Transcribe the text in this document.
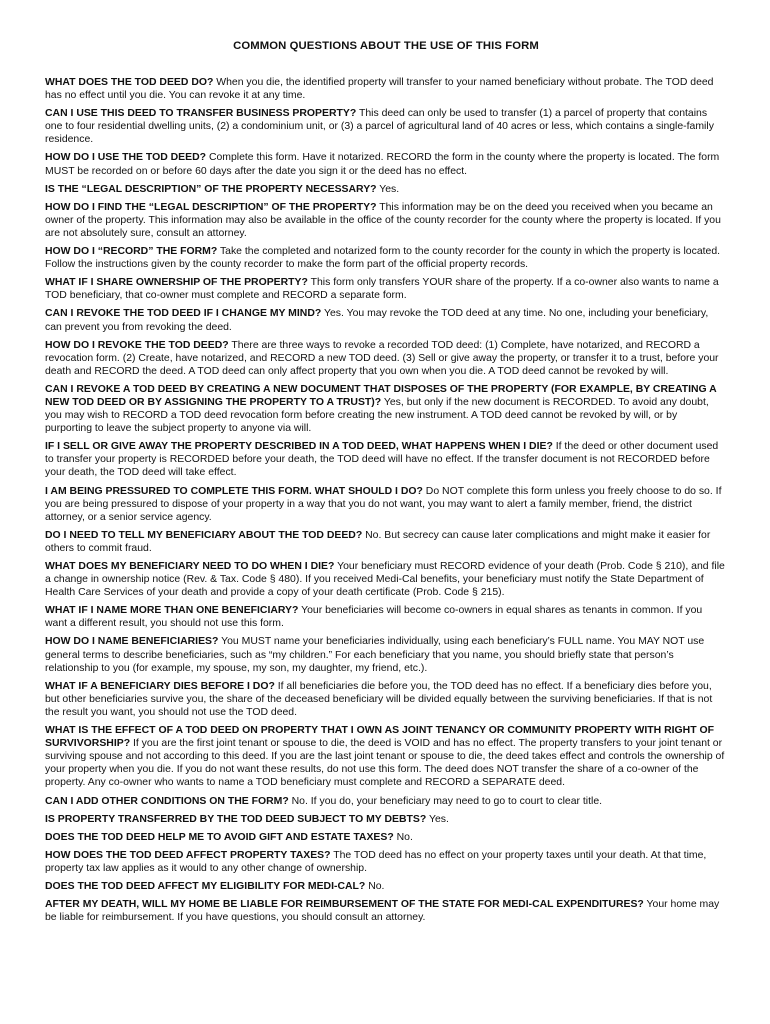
COMMON QUESTIONS ABOUT THE USE OF THIS FORM

WHAT DOES THE TOD DEED DO? When you die, the identified property will transfer to your named beneficiary without probate. The TOD deed has no effect until you die. You can revoke it at any time.

CAN I USE THIS DEED TO TRANSFER BUSINESS PROPERTY? This deed can only be used to transfer (1) a parcel of property that contains one to four residential dwelling units, (2) a condominium unit, or (3) a parcel of agricultural land of 40 acres or less, which contains a single-family residence.

HOW DO I USE THE TOD DEED? Complete this form. Have it notarized. RECORD the form in the county where the property is located. The form MUST be recorded on or before 60 days after the date you sign it or the deed has no effect.

IS THE “LEGAL DESCRIPTION” OF THE PROPERTY NECESSARY? Yes.

HOW DO I FIND THE “LEGAL DESCRIPTION” OF THE PROPERTY? This information may be on the deed you received when you became an owner of the property. This information may also be available in the office of the county recorder for the county where the property is located. If you are not absolutely sure, consult an attorney.

HOW DO I “RECORD” THE FORM? Take the completed and notarized form to the county recorder for the county in which the property is located. Follow the instructions given by the county recorder to make the form part of the official property records.

WHAT IF I SHARE OWNERSHIP OF THE PROPERTY? This form only transfers YOUR share of the property. If a co-owner also wants to name a TOD beneficiary, that co-owner must complete and RECORD a separate form.

CAN I REVOKE THE TOD DEED IF I CHANGE MY MIND? Yes. You may revoke the TOD deed at any time. No one, including your beneficiary, can prevent you from revoking the deed.

HOW DO I REVOKE THE TOD DEED? There are three ways to revoke a recorded TOD deed: (1) Complete, have notarized, and RECORD a revocation form. (2) Create, have notarized, and RECORD a new TOD deed. (3) Sell or give away the property, or transfer it to a trust, before your death and RECORD the deed. A TOD deed can only affect property that you own when you die. A TOD deed cannot be revoked by will.

CAN I REVOKE A TOD DEED BY CREATING A NEW DOCUMENT THAT DISPOSES OF THE PROPERTY (FOR EXAMPLE, BY CREATING A NEW TOD DEED OR BY ASSIGNING THE PROPERTY TO A TRUST)? Yes, but only if the new document is RECORDED. To avoid any doubt, you may wish to RECORD a TOD deed revocation form before creating the new instrument. A TOD deed cannot be revoked by will, or by purporting to leave the subject property to anyone via will.

IF I SELL OR GIVE AWAY THE PROPERTY DESCRIBED IN A TOD DEED, WHAT HAPPENS WHEN I DIE? If the deed or other document used to transfer your property is RECORDED before your death, the TOD deed will have no effect. If the transfer document is not RECORDED before your death, the TOD deed will take effect.

I AM BEING PRESSURED TO COMPLETE THIS FORM. WHAT SHOULD I DO? Do NOT complete this form unless you freely choose to do so. If you are being pressured to dispose of your property in a way that you do not want, you may want to alert a family member, friend, the district attorney, or a senior service agency.

DO I NEED TO TELL MY BENEFICIARY ABOUT THE TOD DEED? No. But secrecy can cause later complications and might make it easier for others to commit fraud.

WHAT DOES MY BENEFICIARY NEED TO DO WHEN I DIE? Your beneficiary must RECORD evidence of your death (Prob. Code § 210), and file a change in ownership notice (Rev. & Tax. Code § 480). If you received Medi-Cal benefits, your beneficiary must notify the State Department of Health Care Services of your death and provide a copy of your death certificate (Prob. Code § 215).

WHAT IF I NAME MORE THAN ONE BENEFICIARY? Your beneficiaries will become co-owners in equal shares as tenants in common. If you want a different result, you should not use this form.

HOW DO I NAME BENEFICIARIES? You MUST name your beneficiaries individually, using each beneficiary’s FULL name. You MAY NOT use general terms to describe beneficiaries, such as “my children.” For each beneficiary that you name, you should briefly state that person’s relationship to you (for example, my spouse, my son, my daughter, my friend, etc.).

WHAT IF A BENEFICIARY DIES BEFORE I DO? If all beneficiaries die before you, the TOD deed has no effect. If a beneficiary dies before you, but other beneficiaries survive you, the share of the deceased beneficiary will be divided equally between the surviving beneficiaries. If that is not the result you want, you should not use the TOD deed.

WHAT IS THE EFFECT OF A TOD DEED ON PROPERTY THAT I OWN AS JOINT TENANCY OR COMMUNITY PROPERTY WITH RIGHT OF SURVIVORSHIP? If you are the first joint tenant or spouse to die, the deed is VOID and has no effect. The property transfers to your joint tenant or surviving spouse and not according to this deed. If you are the last joint tenant or spouse to die, the deed takes effect and controls the ownership of your property when you die. If you do not want these results, do not use this form. The deed does NOT transfer the share of a co-owner of the property. Any co-owner who wants to name a TOD beneficiary must complete and RECORD a SEPARATE deed.

CAN I ADD OTHER CONDITIONS ON THE FORM? No. If you do, your beneficiary may need to go to court to clear title.

IS PROPERTY TRANSFERRED BY THE TOD DEED SUBJECT TO MY DEBTS? Yes.

DOES THE TOD DEED HELP ME TO AVOID GIFT AND ESTATE TAXES? No.

HOW DOES THE TOD DEED AFFECT PROPERTY TAXES? The TOD deed has no effect on your property taxes until your death. At that time, property tax law applies as it would to any other change of ownership.

DOES THE TOD DEED AFFECT MY ELIGIBILITY FOR MEDI-CAL? No.

AFTER MY DEATH, WILL MY HOME BE LIABLE FOR REIMBURSEMENT OF THE STATE FOR MEDI-CAL EXPENDITURES? Your home may be liable for reimbursement. If you have questions, you should consult an attorney.
